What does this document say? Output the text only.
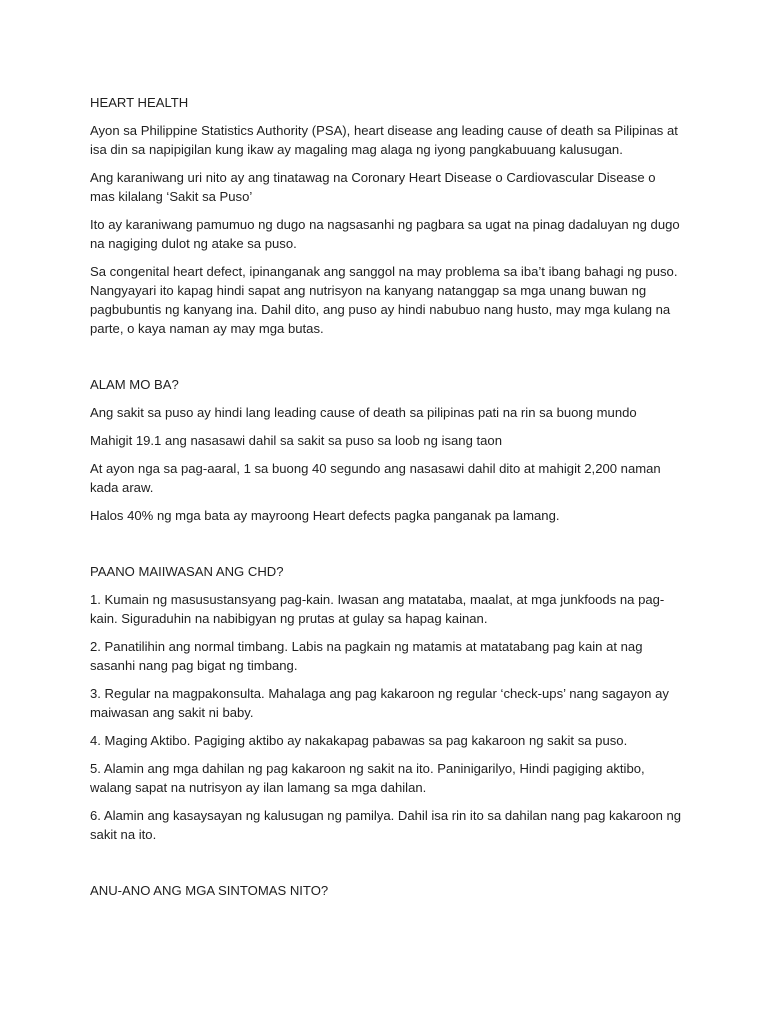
HEART HEALTH

Ayon sa Philippine Statistics Authority (PSA), heart disease ang leading cause of death sa Pilipinas at isa din sa napipigilan kung ikaw ay magaling mag alaga ng iyong pangkabuuang kalusugan.

Ang karaniwang uri nito ay ang tinatawag na Coronary Heart Disease o Cardiovascular Disease o mas kilalang ‘Sakit sa Puso’

Ito ay karaniwang pamumuo ng dugo na nagsasanhi ng pagbara sa ugat na pinag dadaluyan ng dugo na nagiging dulot ng atake sa puso.

Sa congenital heart defect, ipinanganak ang sanggol na may problema sa iba’t ibang bahagi ng puso. Nangyayari ito kapag hindi sapat ang nutrisyon na kanyang natanggap sa mga unang buwan ng pagbubuntis ng kanyang ina. Dahil dito, ang puso ay hindi nabubuo nang husto, may mga kulang na parte, o kaya naman ay may mga butas.

ALAM MO BA?

Ang sakit sa puso ay hindi lang leading cause of death sa pilipinas pati na rin sa buong mundo

Mahigit 19.1 ang nasasawi dahil sa sakit sa puso sa loob ng isang taon

At ayon nga sa pag-aaral, 1 sa buong 40 segundo ang nasasawi dahil dito at mahigit 2,200 naman kada araw.

Halos 40% ng mga bata ay mayroong Heart defects pagka panganak pa lamang.

PAANO MAIIWASAN ANG CHD?

1. Kumain ng masusustansyang pag-kain. Iwasan ang matataba, maalat, at mga junkfoods na pag-kain. Siguraduhin na nabibigyan ng prutas at gulay sa hapag kainan.

2. Panatilihin ang normal timbang. Labis na pagkain ng matamis at matatabang pag kain at nag sasanhi nang pag bigat ng timbang.

3. Regular na magpakonsulta. Mahalaga ang pag kakaroon ng regular ‘check-ups’ nang sagayon ay maiwasan ang sakit ni baby.

4. Maging Aktibo. Pagiging aktibo ay nakakapag pabawas sa pag kakaroon ng sakit sa puso.

5. Alamin ang mga dahilan ng pag kakaroon ng sakit na ito. Paninigarilyo, Hindi pagiging aktibo, walang sapat na nutrisyon ay ilan lamang sa mga dahilan.

6. Alamin ang kasaysayan ng kalusugan ng pamilya. Dahil isa rin ito sa dahilan nang pag kakaroon ng sakit na ito.

ANU-ANO ANG MGA SINTOMAS NITO?
